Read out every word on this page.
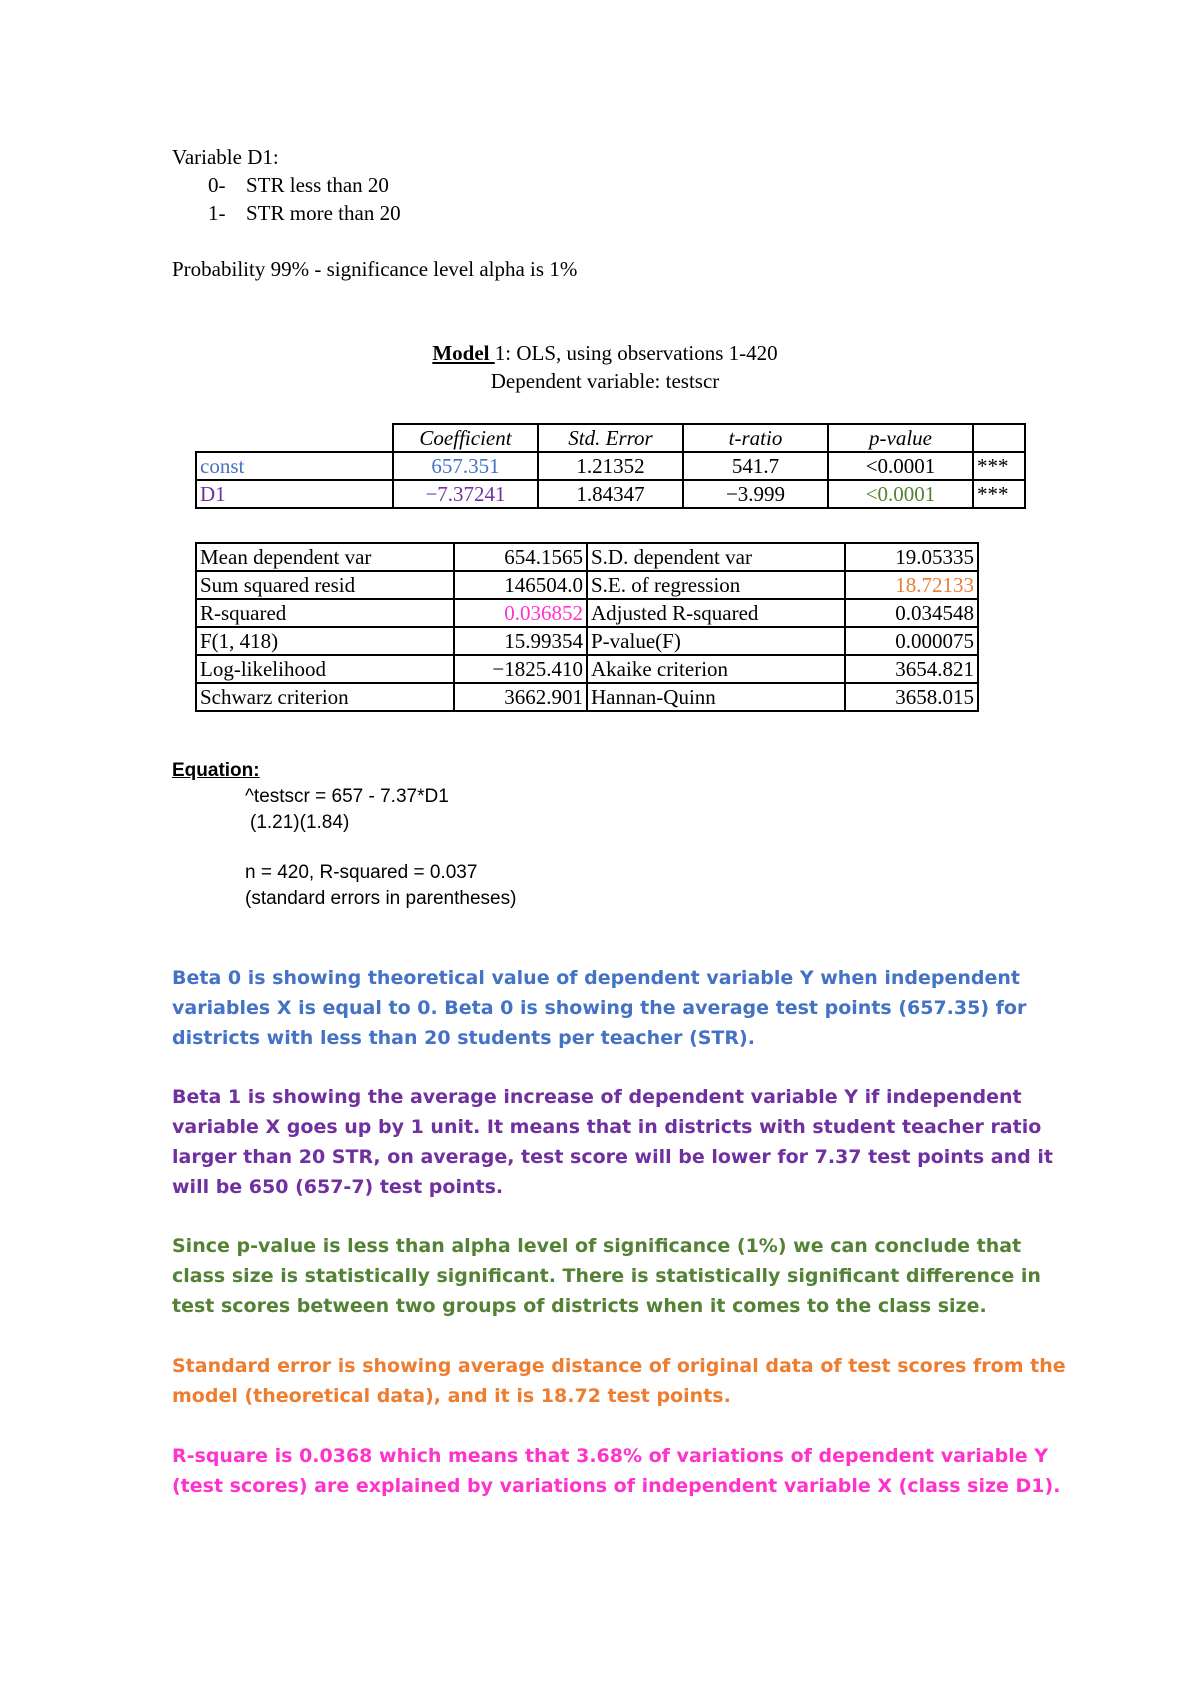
Variable D1:
0- STR less than 20
1- STR more than 20
Probability 99% - significance level alpha is 1%
Model 1: OLS, using observations 1-420
Dependent variable: testscr
	Coefficient	Std. Error	t-ratio	p-value	
const	657.351	1.21352	541.7	<0.0001	***
D1	−7.37241	1.84347	−3.999	<0.0001	***
Mean dependent var	654.1565	S.D. dependent var	19.05335
Sum squared resid	146504.0	S.E. of regression	18.72133
R-squared	0.036852	Adjusted R-squared	0.034548
F(1, 418)	15.99354	P-value(F)	0.000075
Log-likelihood	−1825.410	Akaike criterion	3654.821
Schwarz criterion	3662.901	Hannan-Quinn	3658.015
Equation:
^testscr = 657 - 7.37*D1
(1.21)(1.84)
n = 420, R-squared = 0.037
(standard errors in parentheses)
Beta 0 is showing theoretical value of dependent variable Y when independent variables X is equal to 0. Beta 0 is showing the average test points (657.35) for districts with less than 20 students per teacher (STR).
Beta 1 is showing the average increase of dependent variable Y if independent variable X goes up by 1 unit. It means that in districts with student teacher ratio larger than 20 STR, on average, test score will be lower for 7.37 test points and it will be 650 (657-7) test points.
Since p-value is less than alpha level of significance (1%) we can conclude that class size is statistically significant. There is statistically significant difference in test scores between two groups of districts when it comes to the class size.
Standard error is showing average distance of original data of test scores from the model (theoretical data), and it is 18.72 test points.
R-square is 0.0368 which means that 3.68% of variations of dependent variable Y (test scores) are explained by variations of independent variable X (class size D1).
